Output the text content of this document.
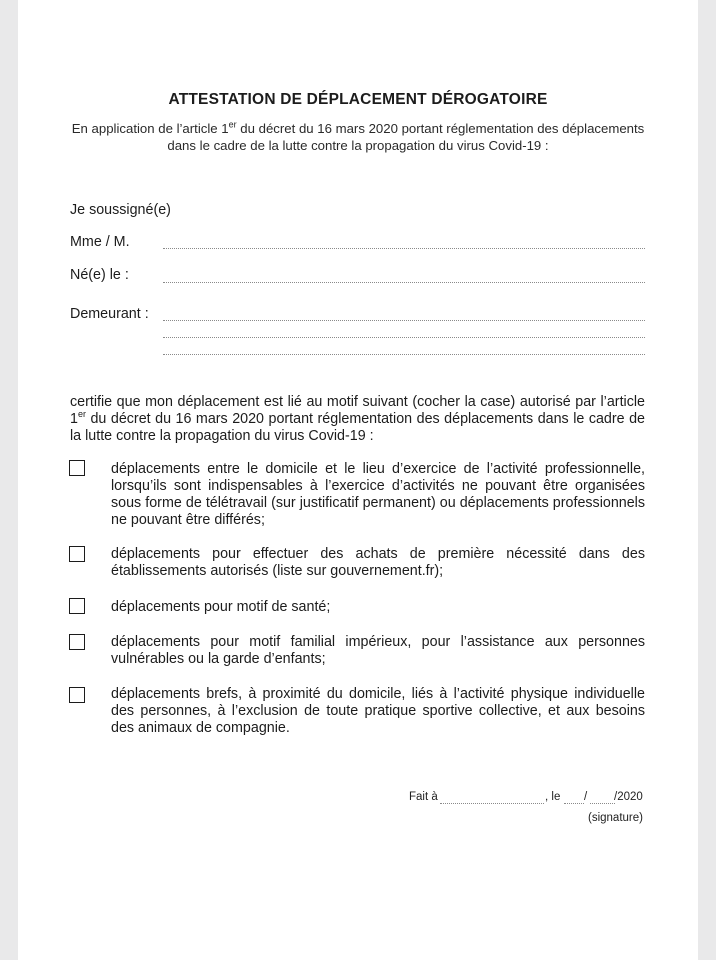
ATTESTATION DE DÉPLACEMENT DÉROGATOIRE
En application de l’article 1er du décret du 16 mars 2020 portant réglementation des déplacements dans le cadre de la lutte contre la propagation du virus Covid-19 :
Je soussigné(e)
Mme / M.
Né(e) le :
Demeurant :
certifie que mon déplacement est lié au motif suivant (cocher la case) autorisé par l’article 1er du décret du 16 mars 2020 portant réglementation des déplacements dans le cadre de la lutte contre la propagation du virus Covid-19 :
déplacements entre le domicile et le lieu d’exercice de l’activité professionnelle, lorsqu’ils sont indispensables à l’exercice d’activités ne pouvant être organisées sous forme de télétravail (sur justificatif permanent) ou déplacements professionnels ne pouvant être différés;
déplacements pour effectuer des achats de première nécessité dans des établissements autorisés (liste sur gouvernement.fr);
déplacements pour motif de santé;
déplacements pour motif familial impérieux, pour l’assistance aux personnes vulnérables ou la garde d’enfants;
déplacements brefs, à proximité du domicile, liés à l’activité physique individuelle des personnes, à l’exclusion de toute pratique sportive collective, et aux besoins des animaux de compagnie.
Fait à	, le / /2020
(signature)
